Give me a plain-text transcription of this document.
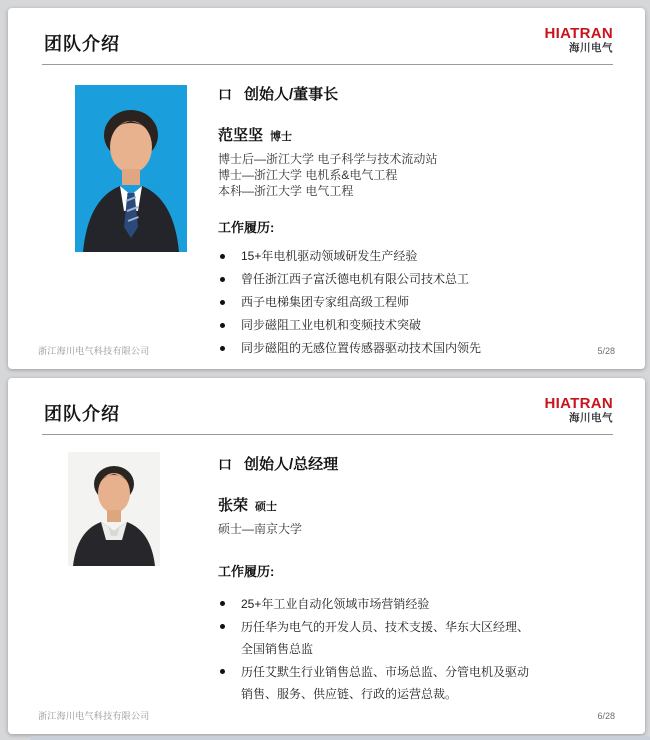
团队介绍
HIATRAN
海川电气
口 创始人/董事长
范坚坚 博士
博士后—浙江大学 电子科学与技术流动站
博士—浙江大学 电机系&电气工程
本科—浙江大学 电气工程
工作履历:
15+年电机驱动领域研发生产经验
曾任浙江西子富沃德电机有限公司技术总工
西子电梯集团专家组高级工程师
同步磁阻工业电机和变频技术突破
同步磁阻的无感位置传感器驱动技术国内领先
浙江海川电气科技有限公司	5/28
团队介绍
HIATRAN
海川电气
口 创始人/总经理
张荣 硕士
硕士—南京大学
工作履历:
25+年工业自动化领域市场营销经验
历任华为电气的开发人员、技术支援、华东大区经理、全国销售总监
历任艾默生行业销售总监、市场总监、分管电机及驱动销售、服务、供应链、行政的运营总裁。
浙江海川电气科技有限公司	6/28
